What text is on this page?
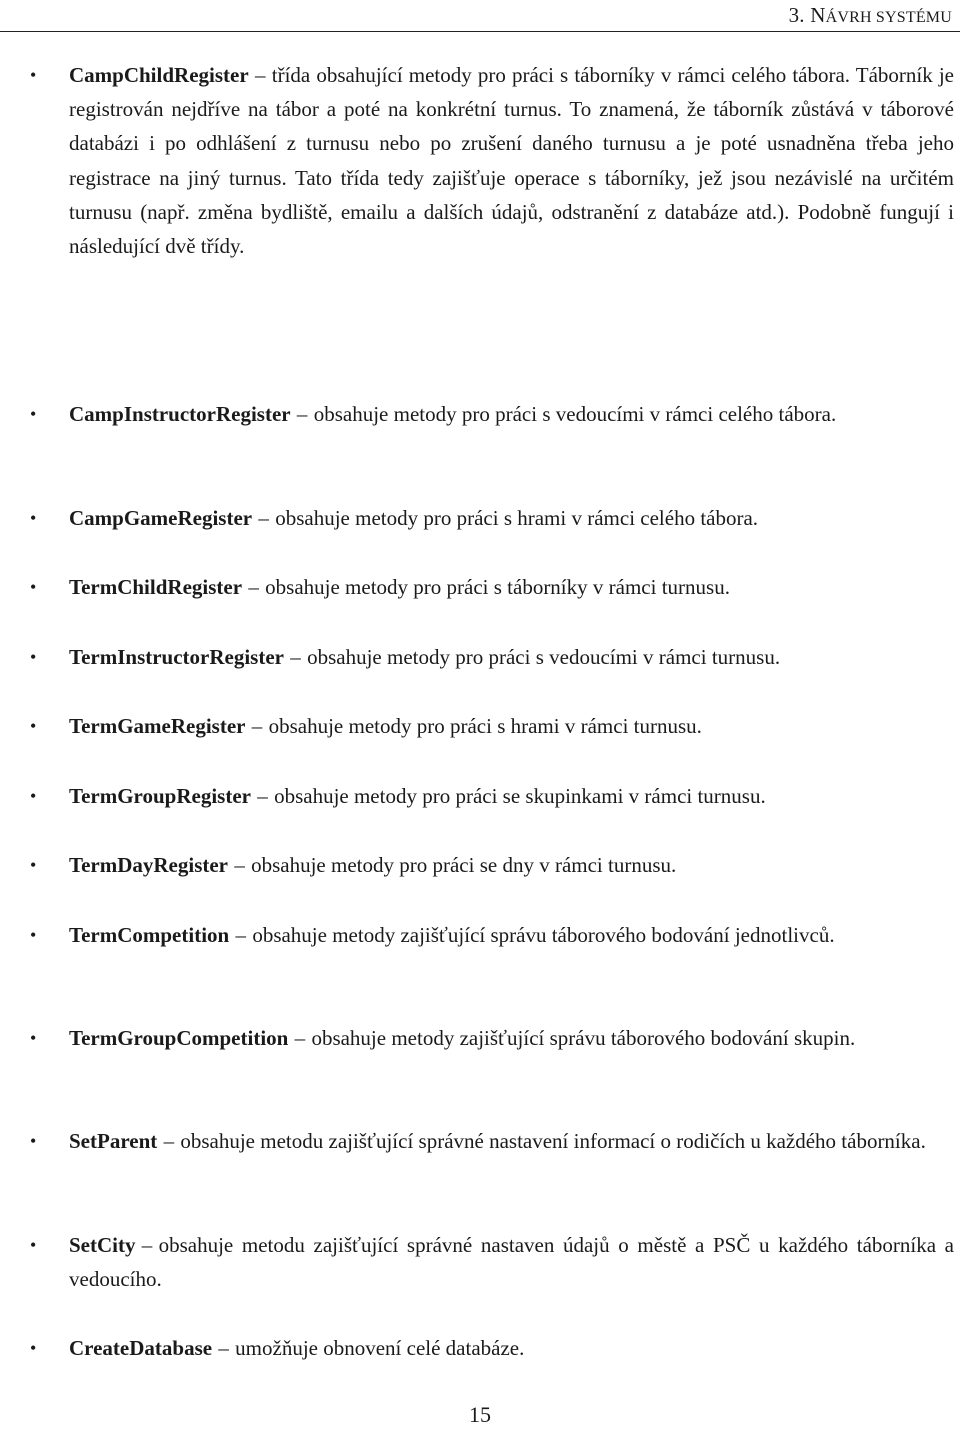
3. NÁVRH SYSTÉMU
• CampChildRegister – třída obsahující metody pro práci s táborníky v rámci celého tábora. Táborník je registrován nejdříve na tábor a poté na konkrétní turnus. To znamená, že táborník zůstává v táborové databázi i po odhlášení z turnusu nebo po zrušení daného turnusu a je poté usnadněna třeba jeho registrace na jiný turnus. Tato třída tedy zajišťuje operace s táborníky, jež jsou nezávislé na určitém turnusu (např. změna bydliště, emailu a dalších údajů, odstranění z databáze atd.). Podobně fungují i následující dvě třídy.
• CampInstructorRegister – obsahuje metody pro práci s vedoucími v rámci celého tábora.
• CampGameRegister – obsahuje metody pro práci s hrami v rámci celého tábora.
• TermChildRegister – obsahuje metody pro práci s táborníky v rámci turnusu.
• TermInstructorRegister – obsahuje metody pro práci s vedoucími v rámci turnusu.
• TermGameRegister – obsahuje metody pro práci s hrami v rámci turnusu.
• TermGroupRegister – obsahuje metody pro práci se skupinkami v rámci turnusu.
• TermDayRegister – obsahuje metody pro práci se dny v rámci turnusu.
• TermCompetition – obsahuje metody zajišťující správu táborového bodování jednotlivců.
• TermGroupCompetition – obsahuje metody zajišťující správu táborového bodování skupin.
• SetParent – obsahuje metodu zajišťující správné nastavení informací o rodičích u každého táborníka.
• SetCity – obsahuje metodu zajišťující správné nastaven údajů o městě a PSČ u každého táborníka a vedoucího.
• CreateDatabase – umožňuje obnovení celé databáze.
15
